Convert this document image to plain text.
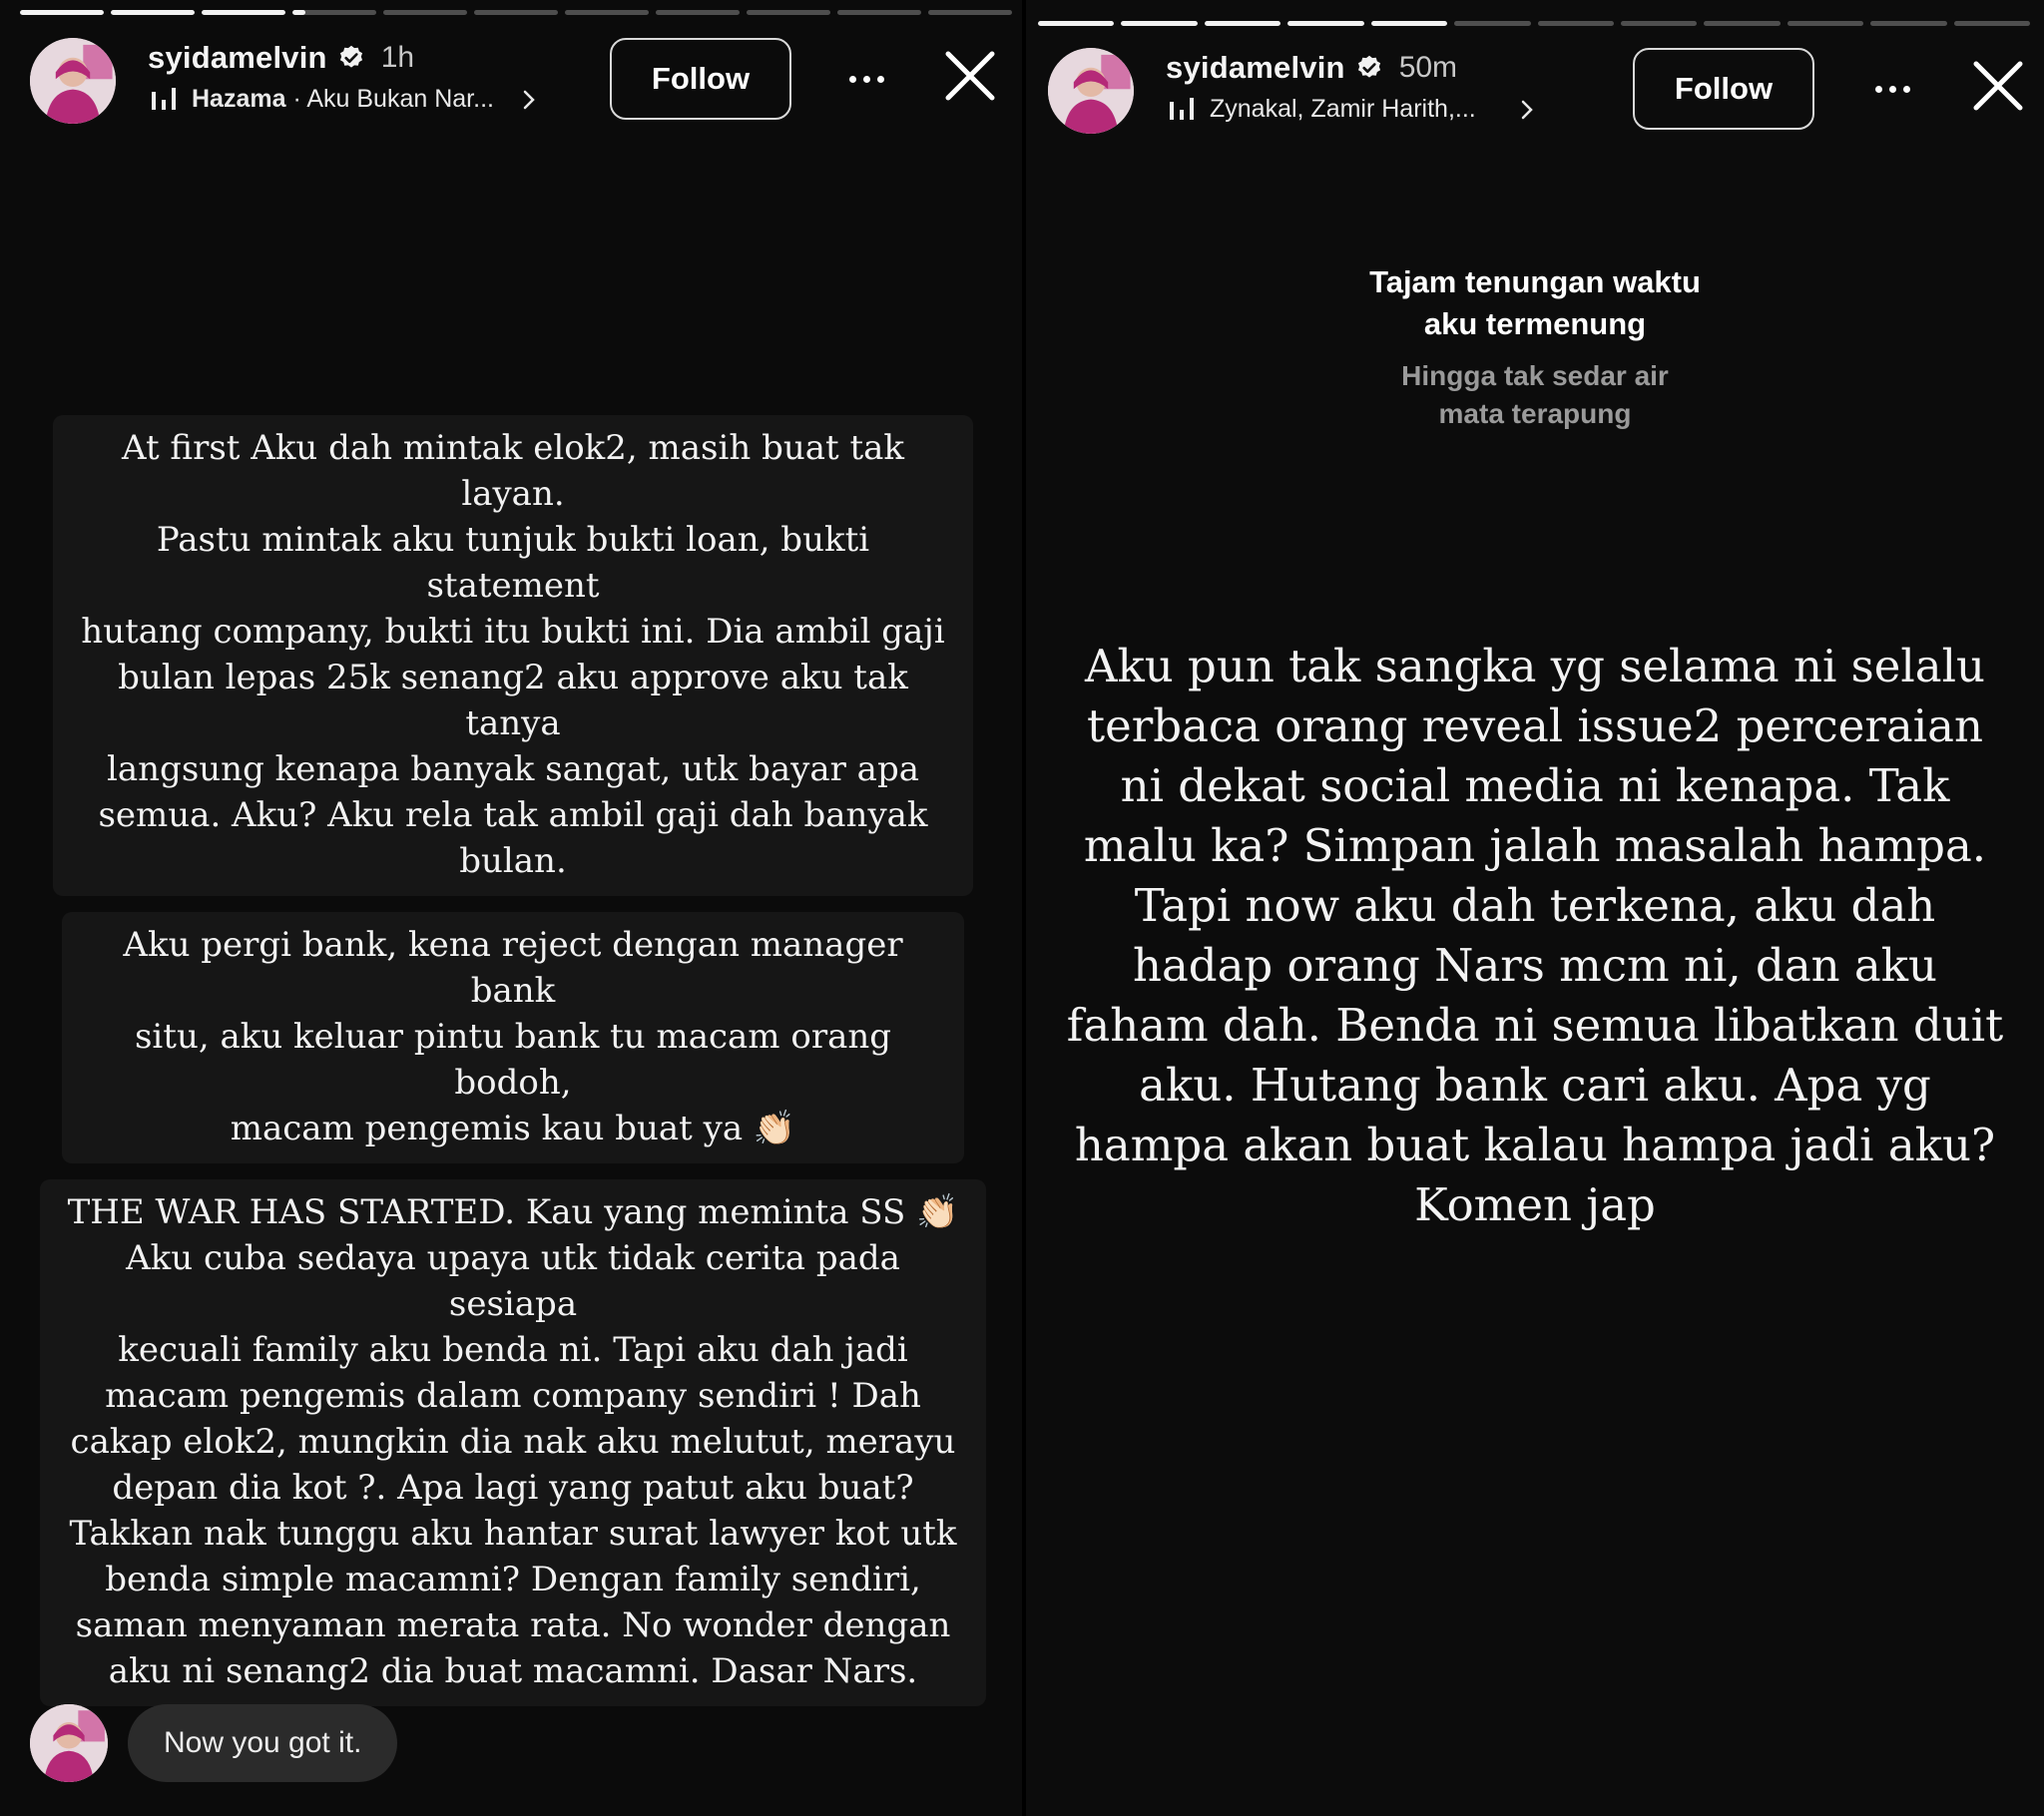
syidamelvin 1h
Hazama · Aku Bukan Nar...
Follow

At first Aku dah mintak elok2, masih buat tak layan.
Pastu mintak aku tunjuk bukti loan, bukti statement
hutang company, bukti itu bukti ini. Dia ambil gaji
bulan lepas 25k senang2 aku approve aku tak tanya
langsung kenapa banyak sangat, utk bayar apa
semua. Aku? Aku rela tak ambil gaji dah banyak
bulan.

Aku pergi bank, kena reject dengan manager bank
situ, aku keluar pintu bank tu macam orang bodoh,
macam pengemis kau buat ya 👏🏻

THE WAR HAS STARTED. Kau yang meminta SS 👏🏻
Aku cuba sedaya upaya utk tidak cerita pada sesiapa
kecuali family aku benda ni. Tapi aku dah jadi
macam pengemis dalam company sendiri ! Dah
cakap elok2, mungkin dia nak aku melutut, merayu
depan dia kot ?. Apa lagi yang patut aku buat?
Takkan nak tunggu aku hantar surat lawyer kot utk
benda simple macamni? Dengan family sendiri,
saman menyaman merata rata. No wonder dengan
aku ni senang2 dia buat macamni. Dasar Nars.

Now you got it.
syidamelvin 50m
Zynakal, Zamir Harith,...
Follow
Tajam tenungan waktu
aku termenung
Hingga tak sedar air
mata terapung
Aku pun tak sangka yg selama ni selalu
terbaca orang reveal issue2 perceraian
ni dekat social media ni kenapa. Tak
malu ka? Simpan jalah masalah hampa.
Tapi now aku dah terkena, aku dah
hadap orang Nars mcm ni, dan aku
faham dah. Benda ni semua libatkan duit
aku. Hutang bank cari aku. Apa yg
hampa akan buat kalau hampa jadi aku?
Komen jap
